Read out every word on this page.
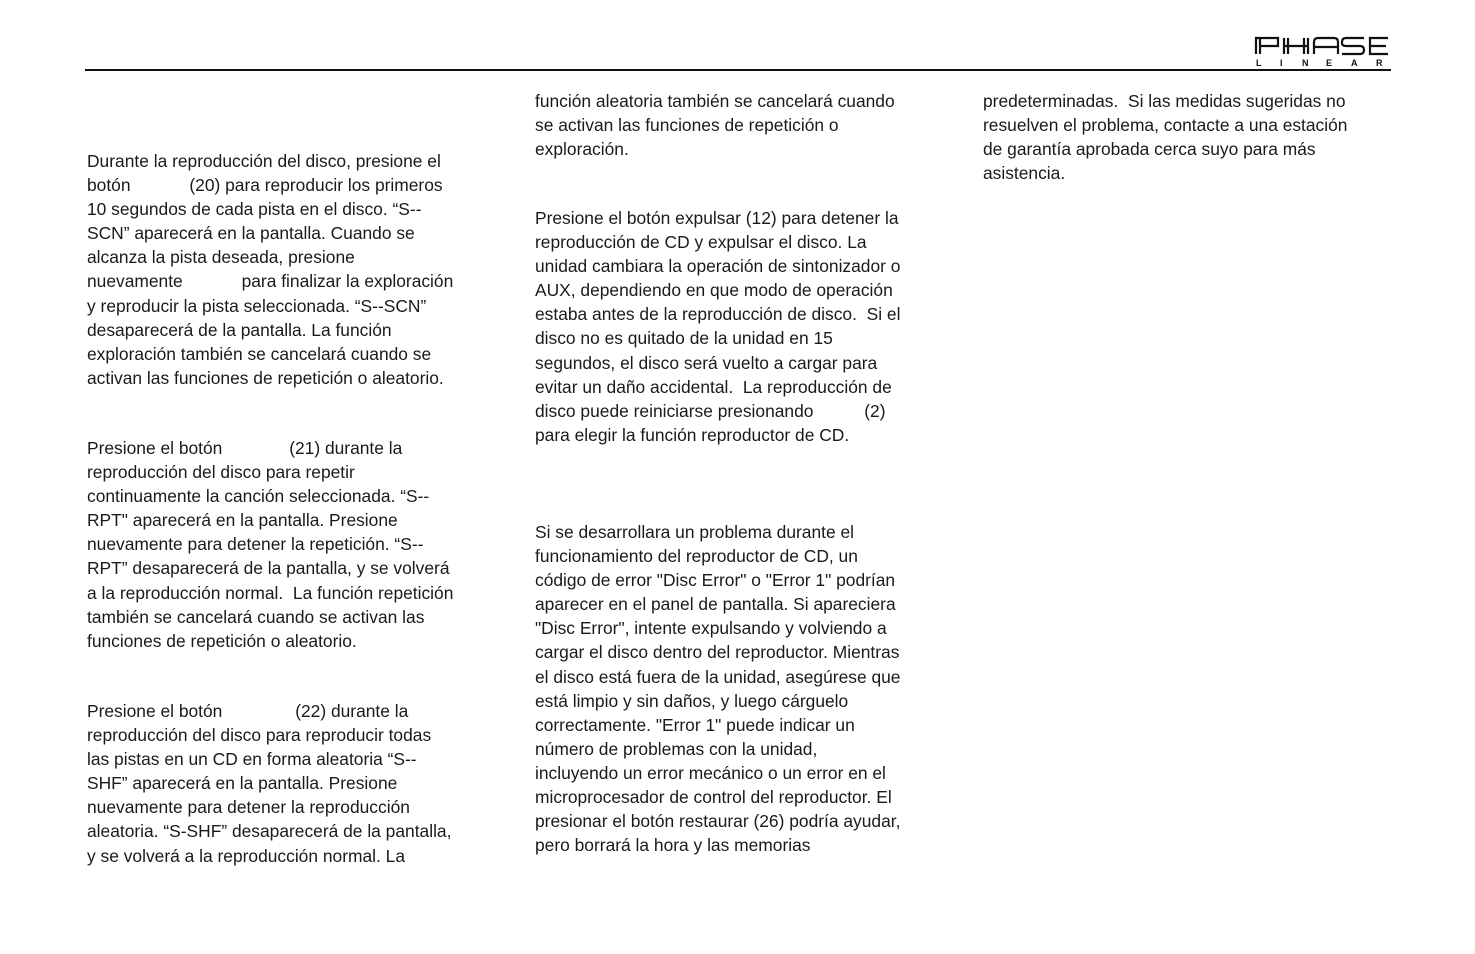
L I N E A R
Durante la reproducción del disco, presione el
botón	(20) para reproducir los primeros
10 segundos de cada pista en el disco. “S--
SCN” aparecerá en la pantalla. Cuando se
alcanza la pista deseada, presione
nuevamente	para finalizar la exploración
y reproducir la pista seleccionada. “S--SCN”
desaparecerá de la pantalla. La función
exploración también se cancelará cuando se
activan las funciones de repetición o aleatorio.
Presione el botón	(21) durante la
reproducción del disco para repetir
continuamente la canción seleccionada. “S--
RPT" aparecerá en la pantalla. Presione
nuevamente para detener la repetición. “S--
RPT” desaparecerá de la pantalla, y se volverá
a la reproducción normal.  La función repetición
también se cancelará cuando se activan las
funciones de repetición o aleatorio.
Presione el botón	(22) durante la
reproducción del disco para reproducir todas
las pistas en un CD en forma aleatoria “S--
SHF” aparecerá en la pantalla. Presione
nuevamente para detener la reproducción
aleatoria. “S-SHF” desaparecerá de la pantalla,
y se volverá a la reproducción normal. La
función aleatoria también se cancelará cuando
se activan las funciones de repetición o
exploración.
Presione el botón expulsar (12) para detener la
reproducción de CD y expulsar el disco. La
unidad cambiara la operación de sintonizador o
AUX, dependiendo en que modo de operación
estaba antes de la reproducción de disco.  Si el
disco no es quitado de la unidad en 15
segundos, el disco será vuelto a cargar para
evitar un daño accidental.  La reproducción de
disco puede reiniciarse presionando	(2)
para elegir la función reproductor de CD.
Si se desarrollara un problema durante el
funcionamiento del reproductor de CD, un
código de error "Disc Error" o "Error 1" podrían
aparecer en el panel de pantalla. Si apareciera
"Disc Error", intente expulsando y volviendo a
cargar el disco dentro del reproductor. Mientras
el disco está fuera de la unidad, asegúrese que
está limpio y sin daños, y luego cárguelo
correctamente. "Error 1" puede indicar un
número de problemas con la unidad,
incluyendo un error mecánico o un error en el
microprocesador de control del reproductor. El
presionar el botón restaurar (26) podría ayudar,
pero borrará la hora y las memorias
predeterminadas.  Si las medidas sugeridas no
resuelven el problema, contacte a una estación
de garantía aprobada cerca suyo para más
asistencia.
